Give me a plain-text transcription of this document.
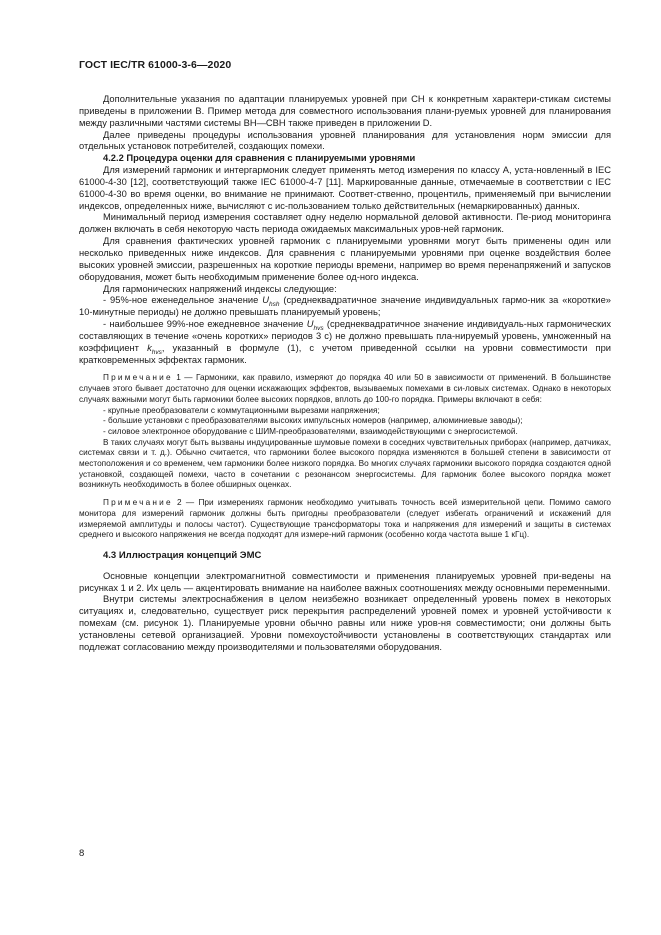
ГОСТ IEC/TR 61000-3-6—2020

Дополнительные указания по адаптации планируемых уровней при СН к конкретным характери-стикам системы приведены в приложении B. Пример метода для совместного использования плани-руемых уровней для планирования между различными частями системы ВН—СВН также приведен в приложении D.

Далее приведены процедуры использования уровней планирования для установления норм эмисcии для отдельных установок потребителей, создающих помехи.

4.2.2 Процедура оценки для сравнения с планируемыми уровнями

Для измерений гармоник и интергармоник следует применять метод измерения по классу А, уста-новленный в IEC 61000-4-30 [12], соответствующий также IEC 61000-4-7 [11]. Маркированные данные, отмечаемые в соответствии с IEC 61000-4-30 во время оценки, во внимание не принимают. Соответ-ственно, процентиль, применяемый при вычислении индексов, определенных ниже, вычисляют с ис-пользованием только действительных (немаркированных) данных.

Минимальный период измерения составляет одну неделю нормальной деловой активности. Пе-риод мониторинга должен включать в себя некоторую часть периода ожидаемых максимальных уров-ней гармоник.

Для сравнения фактических уровней гармоник с планируемыми уровнями могут быть применены один или несколько приведенных ниже индексов. Для сравнения с планируемыми уровнями при оценке воздействия более высоких уровней эмиссии, разрешенных на короткие периоды времени, например во время перенапряжений и запусков оборудования, может быть необходимым применение более од-ного индекса.

Для гармонических напряжений индексы следующие:

- 95%-ное еженедельное значение $U_{hsh}$ (среднеквадратичное значение индивидуальных гармо-ник за «короткие» 10-минутные периоды) не должно превышать планируемый уровень;

- наибольшее 99%-ное ежедневное значение $U_{hvs}$ (среднеквадратичное значение индивидуаль-ных гармонических составляющих в течение «очень коротких» периодов 3 с) не должно превышать пла-нируемый уровень, умноженный на коэффициент $k_{hvs}$, указанный в формуле (1), с учетом приведенной ссылки на уровни совместимости при кратковременных эффектах гармоник.

Примечание 1 — Гармоники, как правило, измеряют до порядка 40 или 50 в зависимости от применений. В большинстве случаев этого бывает достаточно для оценки искажающих эффектов, вызываемых помехами в си-ловых системах. Однако в некоторых случаях важными могут быть гармоники более высоких порядков, вплоть до 100-го порядка. Примеры включают в себя:

- крупные преобразователи с коммутационными вырезами напряжения;

- большие установки с преобразователями высоких импульсных номеров (например, алюминиевые заводы);

- силовое электронное оборудование с ШИМ-преобразователями, взаимодействующими с энергосистемой.

В таких случаях могут быть вызваны индуцированные шумовые помехи в соседних чувствительных приборах (например, датчиках, системах связи и т. д.). Обычно считается, что гармоники более высокого порядка изменяются в большей степени в зависимости от местоположения и со временем, чем гармоники более низкого порядка. Во многих случаях гармоники высокого порядка создаются одной установкой, создающей помехи, часто в сочетании с резонансом энергосистемы. Для гармоник более высокого порядка может возникнуть необходимость в более обширных оценках.

Примечание 2 — При измерениях гармоник необходимо учитывать точность всей измерительной цепи. Помимо самого монитора для измерений гармоник должны быть пригодны преобразователи (следует избегать ограничений и искажений для измеряемой амплитуды и полосы частот). Существующие трансформаторы тока и напряжения для измерений и защиты в системах среднего и высокого напряжения не всегда подходят для измере-ний гармоник (особенно когда частота выше 1 кГц).

4.3 Иллюстрация концепций ЭМС

Основные концепции электромагнитной совместимости и применения планируемых уровней при-ведены на рисунках 1 и 2. Их цель — акцентировать внимание на наиболее важных соотношениях между основными переменными.

Внутри системы электроснабжения в целом неизбежно возникает определенный уровень помех в некоторых ситуациях и, следовательно, существует риск перекрытия распределений уровней помех и уровней устойчивости к помехам (см. рисунок 1). Планируемые уровни обычно равны или ниже уров-ня совместимости; они должны быть установлены сетевой организацией. Уровни помехоустойчивости установлены в соответствующих стандартах или подлежат согласованию между производителями и пользователями оборудования.

8
